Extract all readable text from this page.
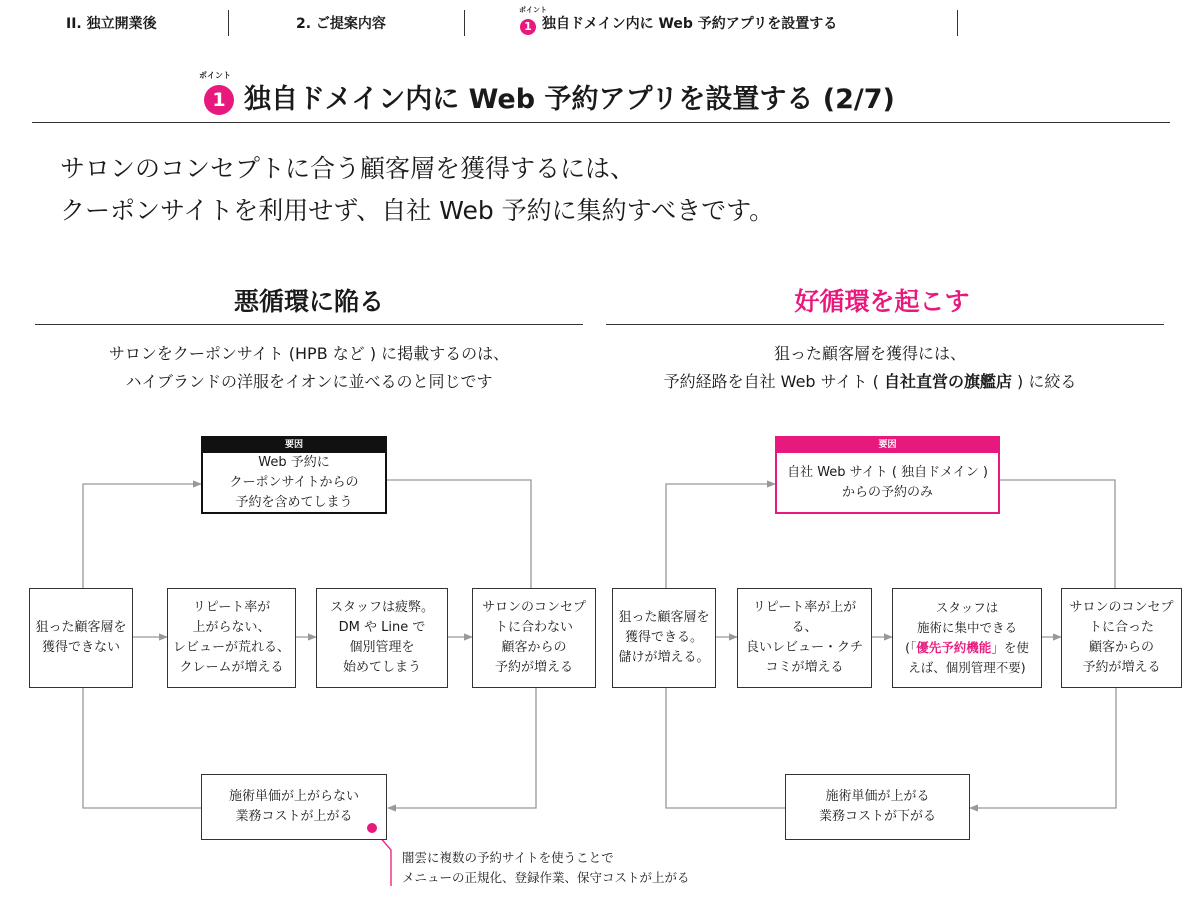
II. 独立開業後	2. ご提案内容
ポイント
1 独自ドメイン内に Web 予約アプリを設置する
ポイント
1 独自ドメイン内に Web 予約アプリを設置する (2/7)
サロンのコンセプトに合う顧客層を獲得するには、
クーポンサイトを利用せず、自社 Web 予約に集約すべきです。
悪循環に陥る	好循環を起こす
サロンをクーポンサイト (HPB など ) に掲載するのは、
ハイブランドの洋服をイオンに並べるのと同じです
狙った顧客層を獲得には、
予約経路を自社 Web サイト ( 自社直営の旗艦店 ) に絞る
要因
Web 予約に
クーポンサイトからの
予約を含めてしまう
狙った顧客層を
獲得できない
リピート率が
上がらない、
レビューが荒れる、
クレームが増える
スタッフは疲弊。
DM や Line で
個別管理を
始めてしまう
サロンのコンセプ
トに合わない
顧客からの
予約が増える
施術単価が上がらない
業務コストが上がる
闇雲に複数の予約サイトを使うことで
メニューの正規化、登録作業、保守コストが上がる
要因
自社 Web サイト ( 独自ドメイン )
からの予約のみ
狙った顧客層を
獲得できる。
儲けが増える。
リピート率が上がる、
良いレビュー・クチ
コミが増える
スタッフは
施術に集中できる
(「優先予約機能」を使
えば、個別管理不要)
サロンのコンセプ
トに合った
顧客からの
予約が増える
施術単価が上がる
業務コストが下がる
